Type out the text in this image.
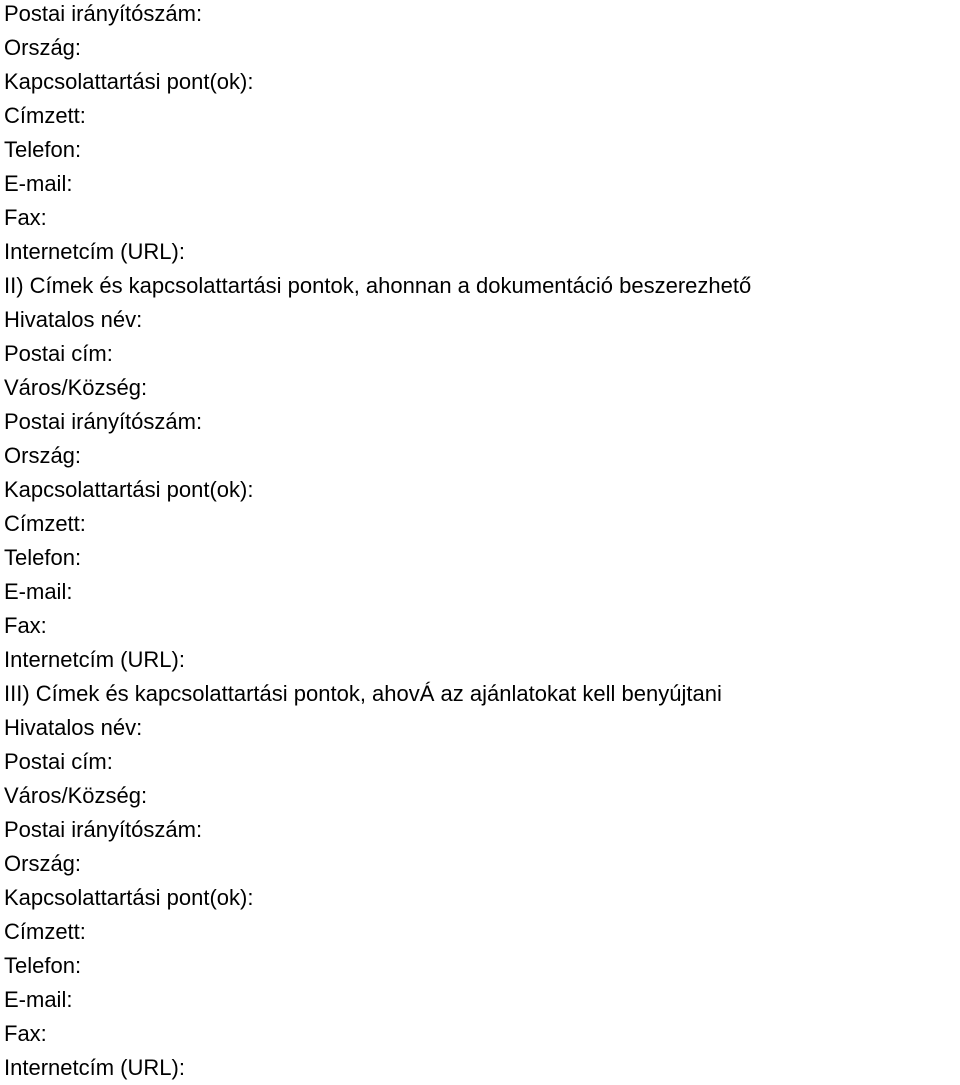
Postai irányítószám:
Ország:
Kapcsolattartási pont(ok):
Címzett:
Telefon:
E-mail:
Fax:
Internetcím (URL):
II) Címek és kapcsolattartási pontok, ahonnan a dokumentáció beszerezhető
Hivatalos név:
Postai cím:
Város/Község:
Postai irányítószám:
Ország:
Kapcsolattartási pont(ok):
Címzett:
Telefon:
E-mail:
Fax:
Internetcím (URL):
III) Címek és kapcsolattartási pontok, ahovÁ az ajánlatokat kell benyújtani
Hivatalos név:
Postai cím:
Város/Község:
Postai irányítószám:
Ország:
Kapcsolattartási pont(ok):
Címzett:
Telefon:
E-mail:
Fax:
Internetcím (URL):
